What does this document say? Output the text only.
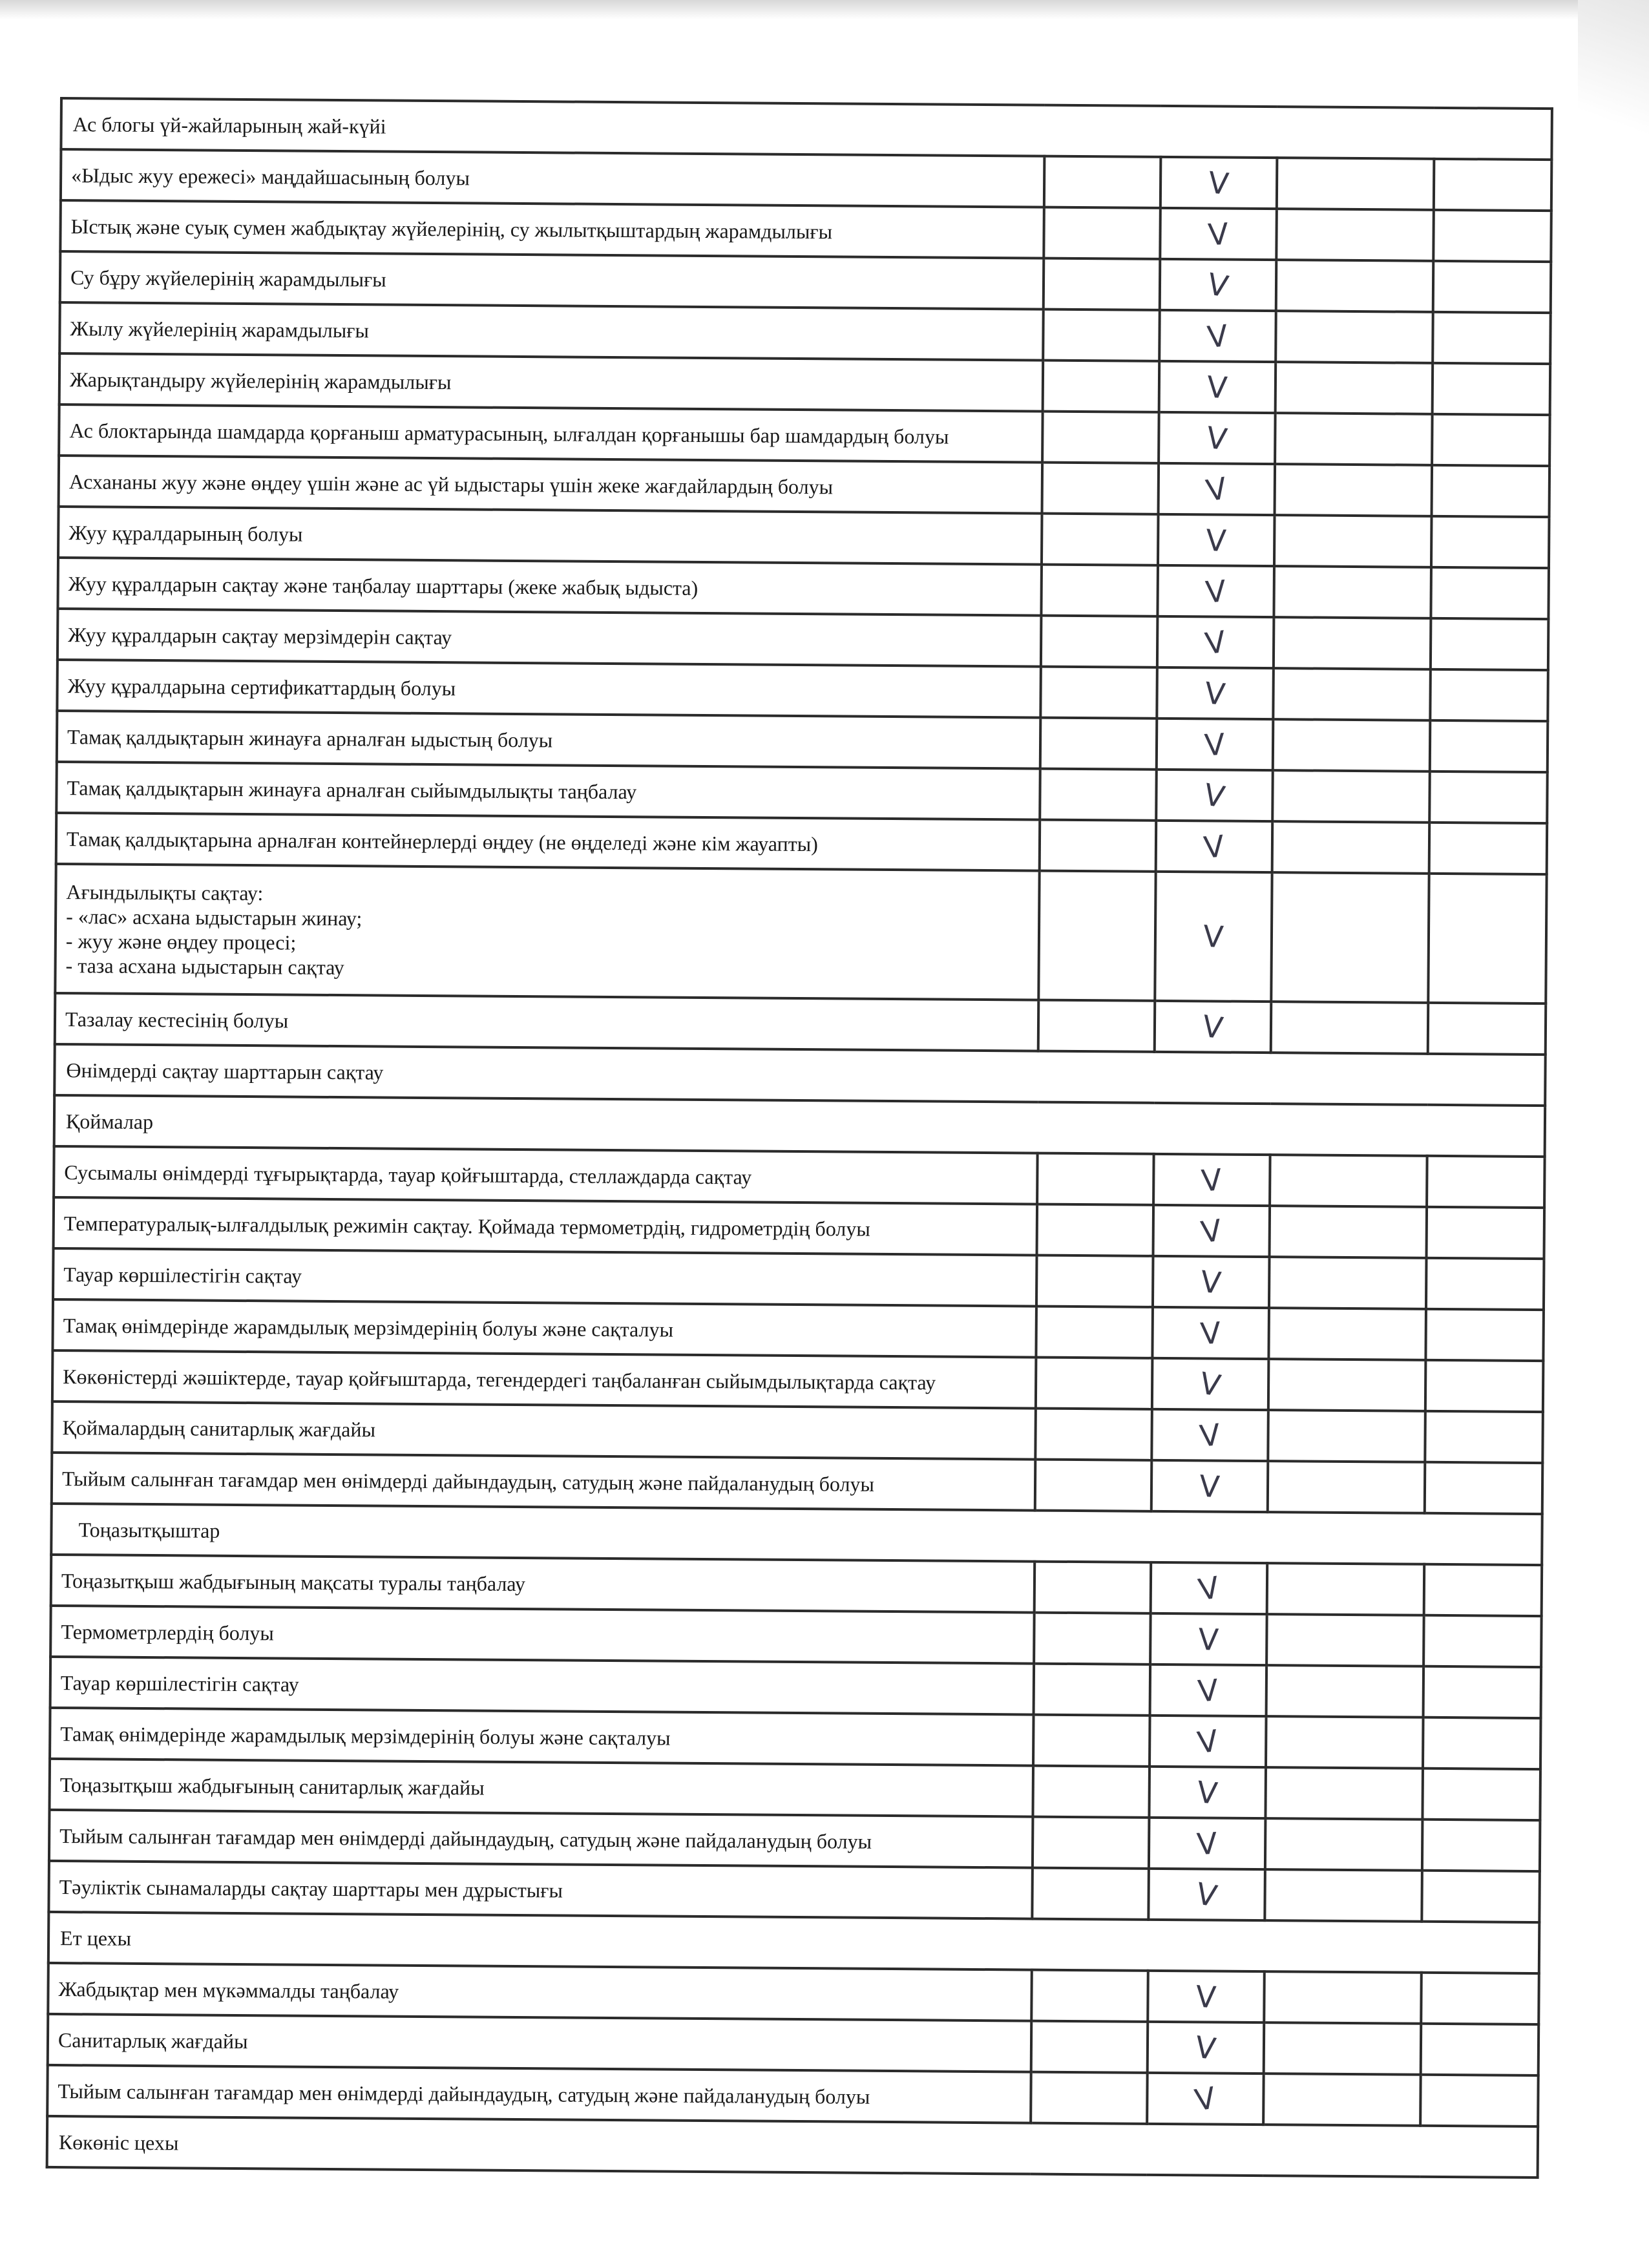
Ас блогы үй-жайларының жай-күйі				
«Ыдыс жуу ережесі» маңдайшасының болуы		V		
Ыстық және суық сумен жабдықтау жүйелерінің, су жылытқыштардың жарамдылығы		V		
Су бұру жүйелерінің жарамдылығы		V		
Жылу жүйелерінің жарамдылығы		V		
Жарықтандыру жүйелерінің жарамдылығы		V		
Ас блоктарында шамдарда қорғаныш арматурасының, ылғалдан қорғанышы бар шамдардың болуы		V		
Асхананы жуу және өңдеу үшін және ас үй ыдыстары үшін жеке жағдайлардың болуы		V		
Жуу құралдарының болуы		V		
Жуу құралдарын сақтау және таңбалау шарттары (жеке жабық ыдыста)		V		
Жуу құралдарын сақтау мерзімдерін сақтау		V		
Жуу құралдарына сертификаттардың болуы		V		
Тамақ қалдықтарын жинауға арналған ыдыстың болуы		V		
Тамақ қалдықтарын жинауға арналған сыйымдылықты таңбалау		V		
Тамақ қалдықтарына арналған контейнерлерді өңдеу (не өңделеді және кім жауапты)		V		

Ағындылықты сақтау:
- «лас» асхана ыдыстарын жинау;
- жуу және өңдеу процесі;
- таза асхана ыдыстарын сақтау		V		
Тазалау кестесінің болуы		V		
Өнімдерді сақтау шарттарын сақтау				
Қоймалар				
Сусымалы өнімдерді тұғырықтарда, тауар қойғыштарда, стеллаждарда сақтау		V		
Температуралық-ылғалдылық режимін сақтау. Қоймада термометрдің, гидрометрдің болуы		V		
Тауар көршілестігін сақтау		V		
Тамақ өнімдерінде жарамдылық мерзімдерінің болуы және сақталуы		V		
Көкөністерді жәшіктерде, тауар қойғыштарда, тегендердегі таңбаланған сыйымдылықтарда сақтау		V		
Қоймалардың санитарлық жағдайы		V		
Тыйым салынған тағамдар мен өнімдерді дайындаудың, сатудың және пайдаланудың болуы		V		
Тоңазытқыштар				
Тоңазытқыш жабдығының мақсаты туралы таңбалау		V		
Термометрлердің болуы		V		
Тауар көршілестігін сақтау		V		
Тамақ өнімдерінде жарамдылық мерзімдерінің болуы және сақталуы		V		
Тоңазытқыш жабдығының санитарлық жағдайы		V		
Тыйым салынған тағамдар мен өнімдерді дайындаудың, сатудың және пайдаланудың болуы		V		
Тәуліктік сынамаларды сақтау шарттары мен дұрыстығы		V		
Ет цехы				
Жабдықтар мен мүкәммалды таңбалау		V		
Санитарлық жағдайы		V		
Тыйым салынған тағамдар мен өнімдерді дайындаудың, сатудың және пайдаланудың болуы		V		
Көкөніс цехы				
